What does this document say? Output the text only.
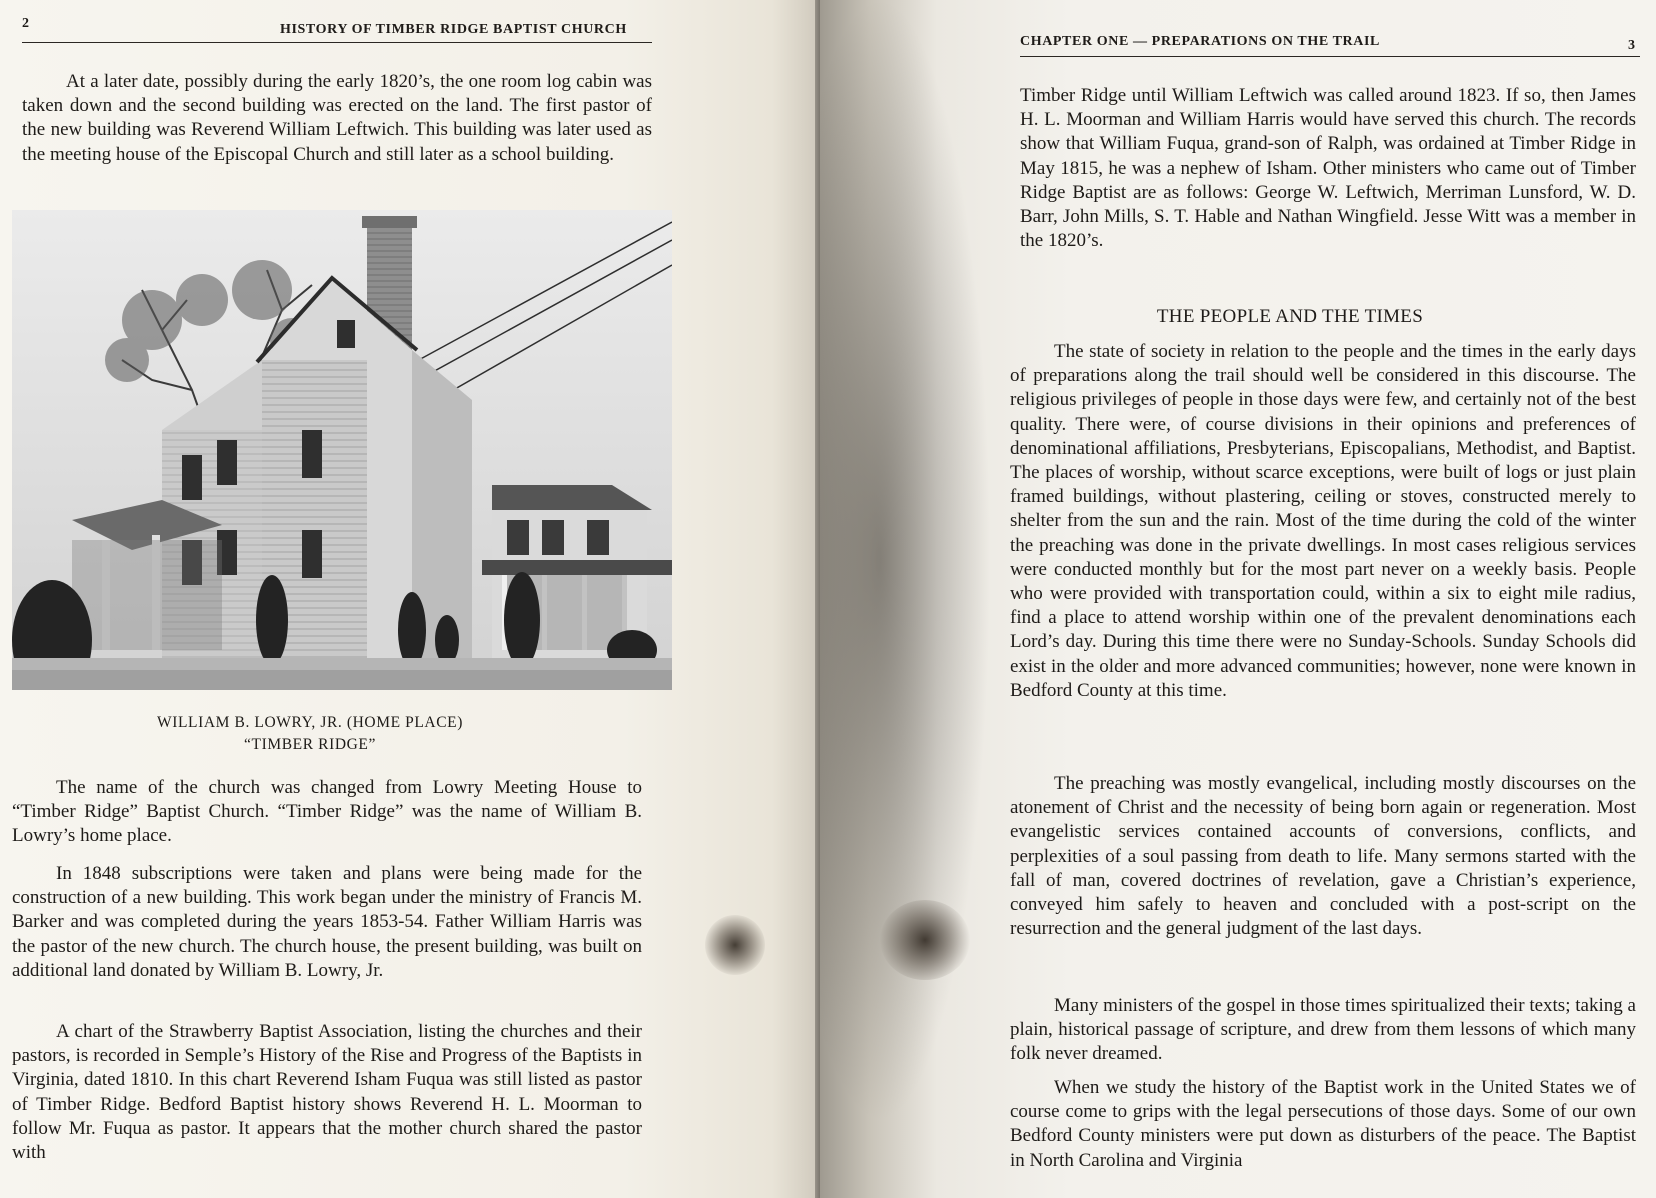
2	HISTORY OF TIMBER RIDGE BAPTIST CHURCH

At a later date, possibly during the early 1820’s, the one room log cabin was taken down and the second building was erected on the land. The first pastor of the new building was Reverend William Leftwich. This building was later used as the meeting house of the Episcopal Church and still later as a school building.

WILLIAM B. LOWRY, JR. (HOME PLACE)
“TIMBER RIDGE”

The name of the church was changed from Lowry Meeting House to “Timber Ridge” Baptist Church. “Timber Ridge” was the name of William B. Lowry’s home place.

In 1848 subscriptions were taken and plans were being made for the construction of a new building. This work began under the ministry of Francis M. Barker and was completed during the years 1853-54. Father William Harris was the pastor of the new church. The church house, the present building, was built on additional land donated by William B. Lowry, Jr.

A chart of the Strawberry Baptist Association, listing the churches and their pastors, is recorded in Semple’s History of the Rise and Progress of the Baptists in Virginia, dated 1810. In this chart Reverend Isham Fuqua was still listed as pastor of Timber Ridge. Bedford Baptist history shows Reverend H. L. Moorman to follow Mr. Fuqua as pastor. It appears that the mother church shared the pastor with

CHAPTER ONE — PREPARATIONS ON THE TRAIL	3

Timber Ridge until William Leftwich was called around 1823. If so, then James H. L. Moorman and William Harris would have served this church. The records show that William Fuqua, grand-son of Ralph, was ordained at Timber Ridge in May 1815, he was a nephew of Isham. Other ministers who came out of Timber Ridge Baptist are as follows: George W. Leftwich, Merriman Lunsford, W. D. Barr, John Mills, S. T. Hable and Nathan Wingfield. Jesse Witt was a member in the 1820’s.

THE PEOPLE AND THE TIMES

The state of society in relation to the people and the times in the early days of preparations along the trail should well be considered in this discourse. The religious privileges of people in those days were few, and certainly not of the best quality. There were, of course divisions in their opinions and preferences of denominational affiliations, Presbyterians, Episcopalians, Methodist, and Baptist. The places of worship, without scarce exceptions, were built of logs or just plain framed buildings, without plastering, ceiling or stoves, constructed merely to shelter from the sun and the rain. Most of the time during the cold of the winter the preaching was done in the private dwellings. In most cases religious services were conducted monthly but for the most part never on a weekly basis. People who were provided with transportation could, within a six to eight mile radius, find a place to attend worship within one of the prevalent denominations each Lord’s day. During this time there were no Sunday-Schools. Sunday Schools did exist in the older and more advanced communities; however, none were known in Bedford County at this time.

The preaching was mostly evangelical, including mostly discourses on the atonement of Christ and the necessity of being born again or regeneration. Most evangelistic services contained accounts of conversions, conflicts, and perplexities of a soul passing from death to life. Many sermons started with the fall of man, covered doctrines of revelation, gave a Christian’s experience, conveyed him safely to heaven and concluded with a post-script on the resurrection and the general judgment of the last days.

Many ministers of the gospel in those times spiritualized their texts; taking a plain, historical passage of scripture, and drew from them lessons of which many folk never dreamed.

When we study the history of the Baptist work in the United States we of course come to grips with the legal persecutions of those days. Some of our own Bedford County ministers were put down as disturbers of the peace. The Baptist in North Carolina and Virginia
